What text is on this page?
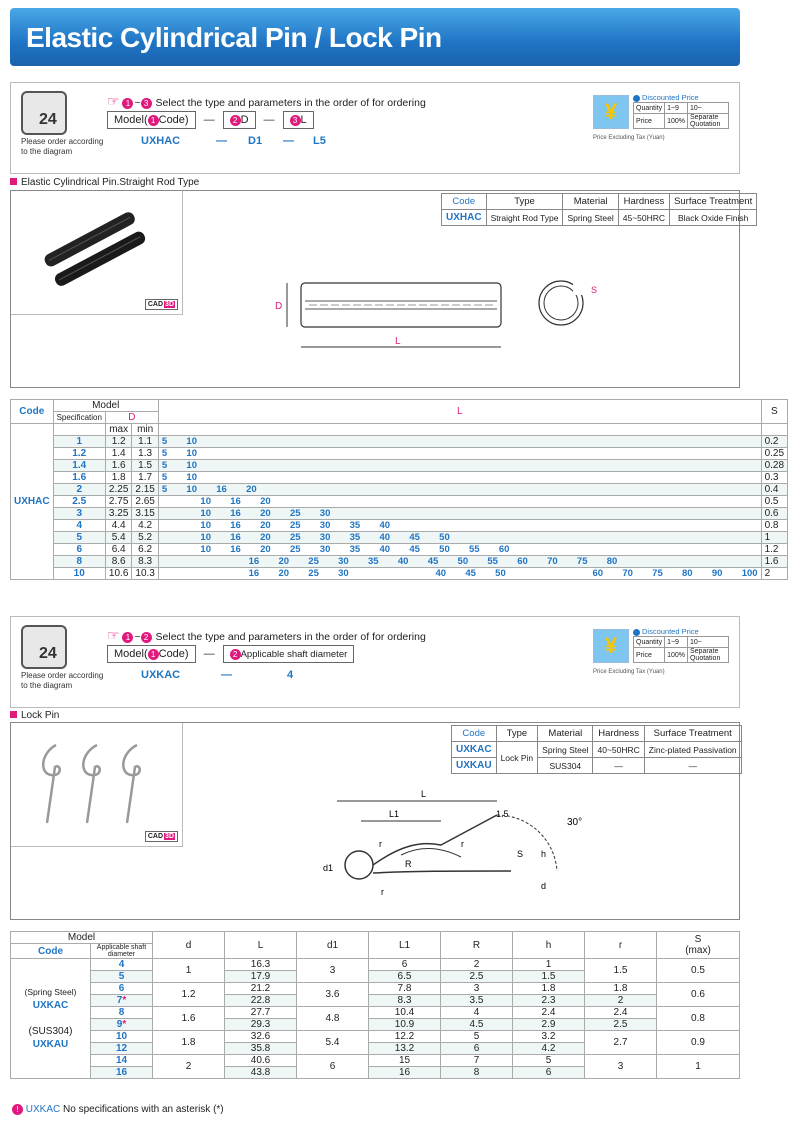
Elastic Cylindrical Pin / Lock Pin
24
Please order according to the diagram
☞ 1 ~ 3 Select the type and parameters in the order of for ordering
Model( 1 Code)	—	2 D	—	3 L
UXHAC	— D1 — L5
¥
Discounted Price
Quantity	1~9	10~
Price	100%	Separate Quotation
Price Excluding Tax (Yuan)
Elastic Cylindrical Pin.Straight Rod Type
CAD 3D
Code	Type	Material	Hardness	Surface Treatment
UXHAC	Straight Rod Type	Spring Steel	45~50HRC	Black Oxide Finish
D
L
S
Code	Model			L	S
	Specification	D			
UXHAC		max	min		
	1	1.2	1.1	5  10	0.2
	1.2	1.4	1.3	5  10	0.25
	1.4	1.6	1.5	5  10	0.28
	1.6	1.8	1.7	5  10	0.3
	2	2.25	2.15	5  10  16  20	0.4
	2.5	2.75	2.65	10  16  20	0.5
	3	3.25	3.15	10  16  20  25  30	0.6
	4	4.4	4.2	10  16  20  25  30  35  40	0.8
	5	5.4	5.2	10  16  20  25  30  35  40  45  50	1
	6	6.4	6.2	10  16  20  25  30  35  40  45  50  55  60	1.2
	8	8.6	8.3	16  20  25  30  35  40  45  50  55  60  70  75  80	1.6
	10	10.6	10.3	16  20  25  30         40  45  50         60  70  75  80  90  100	2
24
Please order according to the diagram
☞ 1 ~ 2 Select the type and parameters in the order of for ordering
Model( 1 Code)	—	2 Applicable shaft diameter
UXKAC	—	4
¥
Discounted Price
Quantity	1~9	10~
Price	100%	Separate Quotation
Price Excluding Tax (Yuan)
Lock Pin
CAD 3D
Code	Type	Material	Hardness	Surface Treatment
UXKAC	Lock Pin	Spring Steel	40~50HRC	Zinc-plated Passivation
UXKAU		SUS304	—	—
L
L1	1.5
r	r
R
r
d1
S h
d
30°
Model		d	L	d1	L1	R	h	r	S
(max)
Code	Applicable shaft diameter								
(Spring Steel)
UXKAC

(SUS304)
UXKAU	4	1	16.3	3	6	2	1	1.5	0.5
	5		17.9		6.5	2.5	1.5		
	6	1.2	21.2	3.6	7.8	3	1.8	1.8	0.6
	7*		22.8		8.3	3.5	2.3	2	
	8	1.6	27.7	4.8	10.4	4	2.4	2.4	0.8
	9*		29.3		10.9	4.5	2.9	2.5	
	10	1.8	32.6	5.4	12.2	5	3.2	2.7	0.9
	12		35.8		13.2	6	4.2		
	14	2	40.6	6	15	7	5	3	1
	16		43.8		16	8	6		
! UXKAC No specifications with an asterisk (*)
